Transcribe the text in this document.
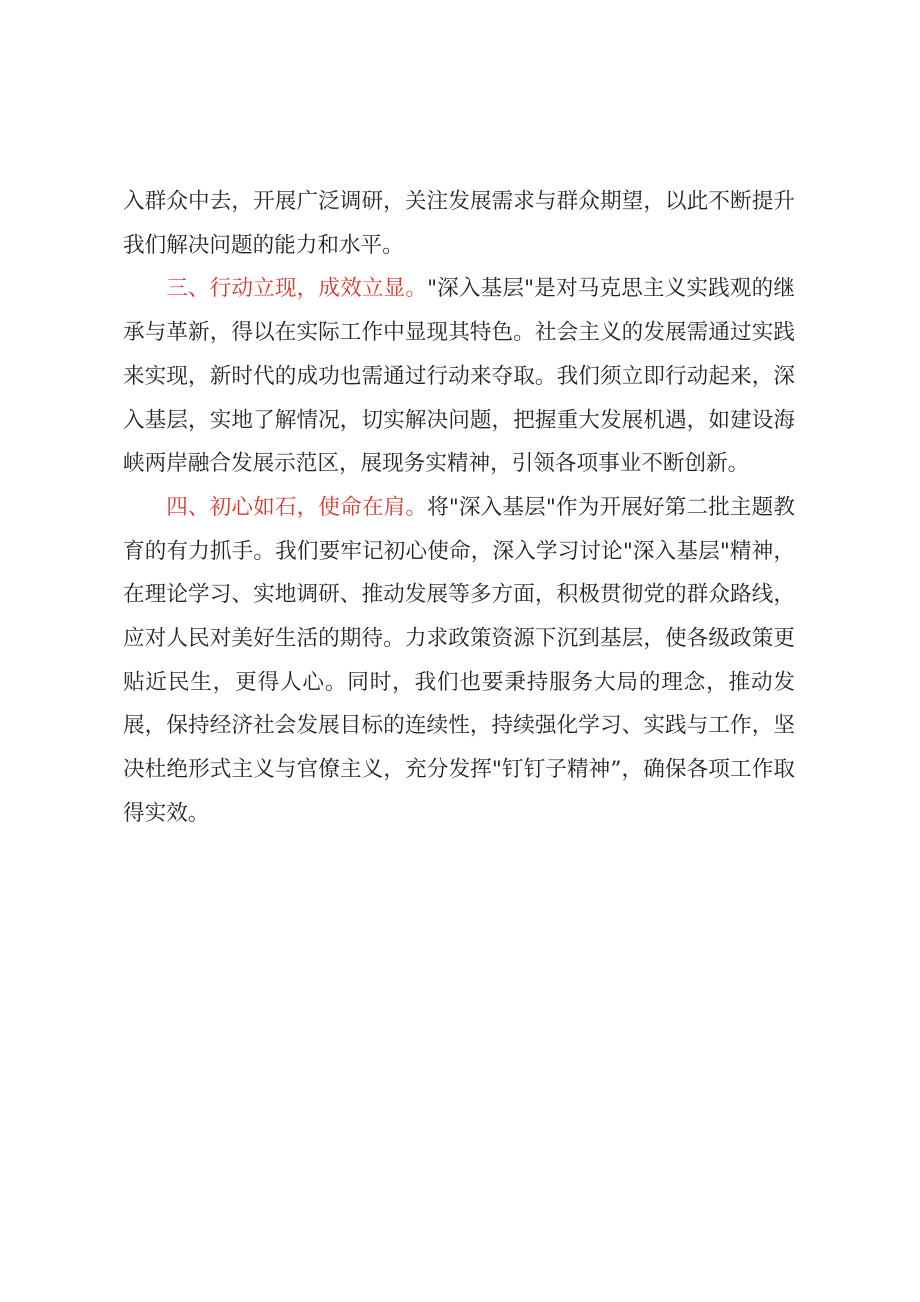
入群众中去，开展广泛调研，关注发展需求与群众期望，以此不断提升我们解决问题的能力和水平。

三、行动立现，成效立显。"深入基层"是对马克思主义实践观的继承与革新，得以在实际工作中显现其特色。社会主义的发展需通过实践来实现，新时代的成功也需通过行动来夺取。我们须立即行动起来，深入基层，实地了解情况，切实解决问题，把握重大发展机遇，如建设海峡两岸融合发展示范区，展现务实精神，引领各项事业不断创新。

四、初心如石，使命在肩。将"深入基层"作为开展好第二批主题教育的有力抓手。我们要牢记初心使命，深入学习讨论"深入基层"精神，在理论学习、实地调研、推动发展等多方面，积极贯彻党的群众路线，应对人民对美好生活的期待。力求政策资源下沉到基层，使各级政策更贴近民生，更得人心。同时，我们也要秉持服务大局的理念，推动发展，保持经济社会发展目标的连续性，持续强化学习、实践与工作，坚决杜绝形式主义与官僚主义，充分发挥"钉钉子精神”，确保各项工作取得实效。
